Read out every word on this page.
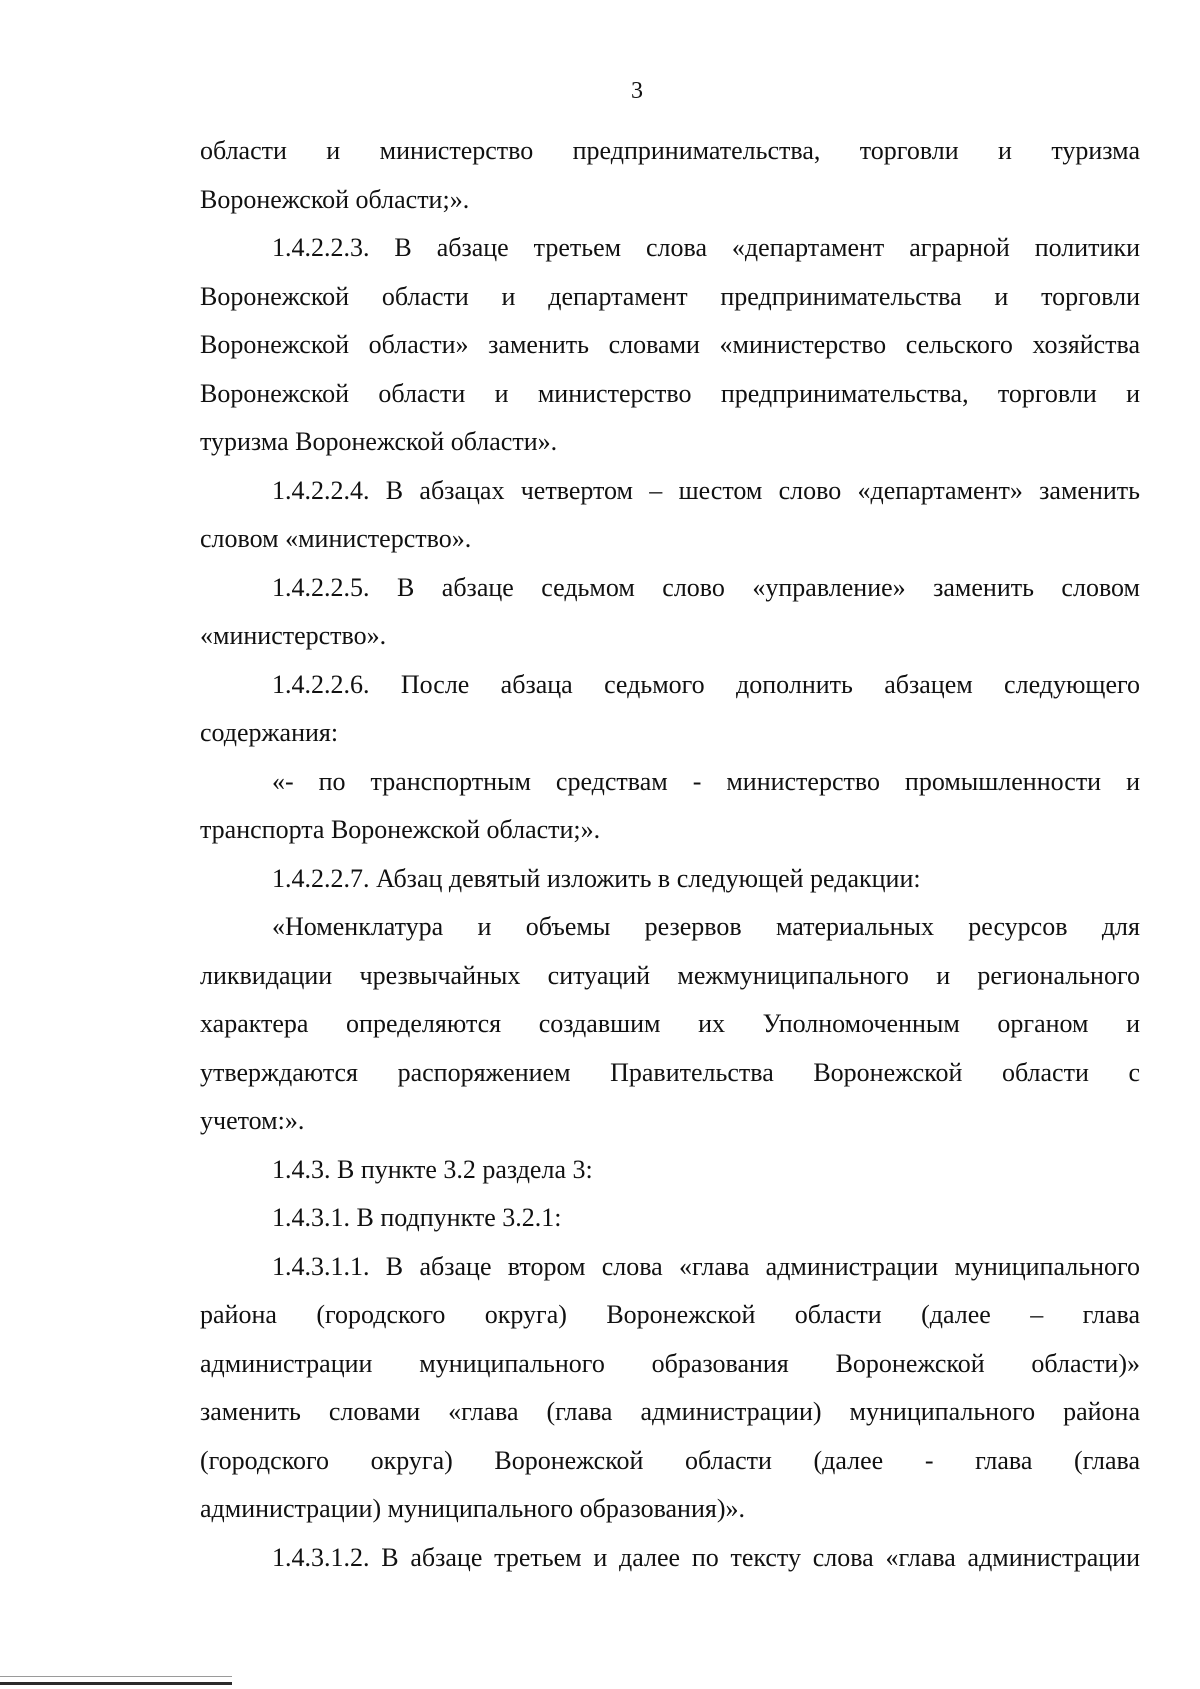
3
области и министерство предпринимательства, торговли и туризма
Воронежской области;».
1.4.2.2.3. В абзаце третьем слова «департамент аграрной политики
Воронежской области и департамент предпринимательства и торговли
Воронежской области» заменить словами «министерство сельского хозяйства
Воронежской области и министерство предпринимательства, торговли и
туризма Воронежской области».
1.4.2.2.4. В абзацах четвертом – шестом слово «департамент» заменить
словом «министерство».
1.4.2.2.5. В абзаце седьмом слово «управление» заменить словом
«министерство».
1.4.2.2.6. После абзаца седьмого дополнить абзацем следующего
содержания:
«- по транспортным средствам - министерство промышленности и
транспорта Воронежской области;».
1.4.2.2.7. Абзац девятый изложить в следующей редакции:
«Номенклатура и объемы резервов материальных ресурсов для
ликвидации чрезвычайных ситуаций межмуниципального и регионального
характера определяются создавшим их Уполномоченным органом и
утверждаются распоряжением Правительства Воронежской области с
учетом:».
1.4.3. В пункте 3.2 раздела 3:
1.4.3.1. В подпункте 3.2.1:
1.4.3.1.1. В абзаце втором слова «глава администрации муниципального
района (городского округа) Воронежской области (далее – глава
администрации муниципального образования Воронежской области)»
заменить словами «глава (глава администрации) муниципального района
(городского округа) Воронежской области (далее - глава (глава
администрации) муниципального образования)».
1.4.3.1.2. В абзаце третьем и далее по тексту слова «глава администрации
